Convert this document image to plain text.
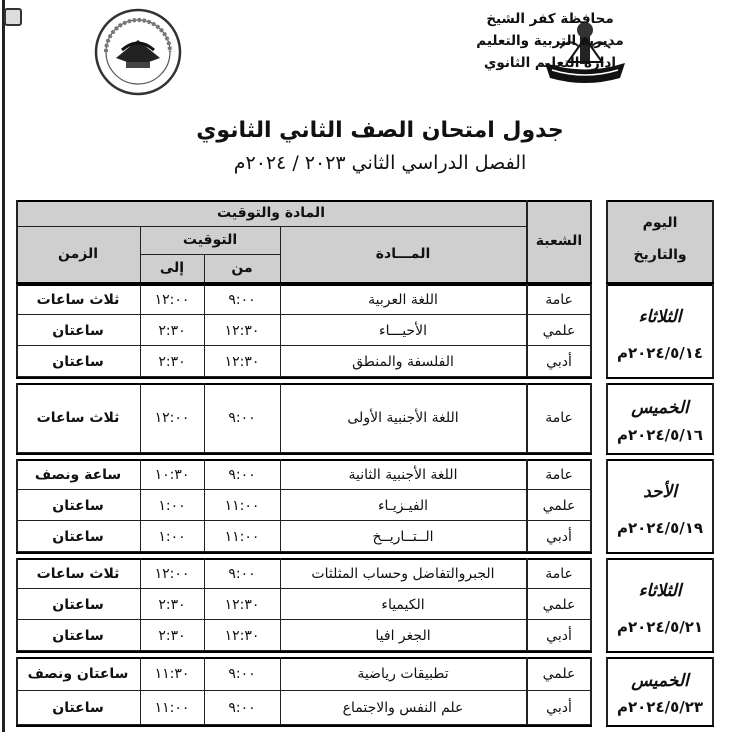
محافظة كفر الشيخ
مديرية التربية والتعليم
إدارة التعليم الثانوي
جدول امتحان الصف الثاني الثانوي
الفصل الدراسي الثاني ٢٠٢٣ / ٢٠٢٤م
اليوم
والتاريخ
الثلاثاء
٢٠٢٤/٥/١٤م
الخميس
٢٠٢٤/٥/١٦م
الأحد
٢٠٢٤/٥/١٩م
الثلاثاء
٢٠٢٤/٥/٢١م
الخميس
٢٠٢٤/٥/٢٣م
المادة والتوقيت
المـــادة
التوقيت
من
إلى
الزمن
الشعبة
عامة
اللغة العربية
٩:٠٠
١٢:٠٠
ثلاث ساعات
علمي
الأحيـــاء
١٢:٣٠
٢:٣٠
ساعتان
أدبي
الفلسفة والمنطق
١٢:٣٠
٢:٣٠
ساعتان
عامة
اللغة الأجنبية الأولى
٩:٠٠
١٢:٠٠
ثلاث ساعات
عامة
اللغة الأجنبية الثانية
٩:٠٠
١٠:٣٠
ساعة ونصف
علمي
الفيـزيـاء
١١:٠٠
١:٠٠
ساعتان
أدبي
الــتــاريــخ
١١:٠٠
١:٠٠
ساعتان
عامة
الجبروالتفاضل وحساب المثلثات
٩:٠٠
١٢:٠٠
ثلاث ساعات
علمي
الكيمياء
١٢:٣٠
٢:٣٠
ساعتان
أدبي
الجغر افيا
١٢:٣٠
٢:٣٠
ساعتان
علمي
تطبيقات رياضية
٩:٠٠
١١:٣٠
ساعتان ونصف
أدبي
علم النفس والاجتماع
٩:٠٠
١١:٠٠
ساعتان
